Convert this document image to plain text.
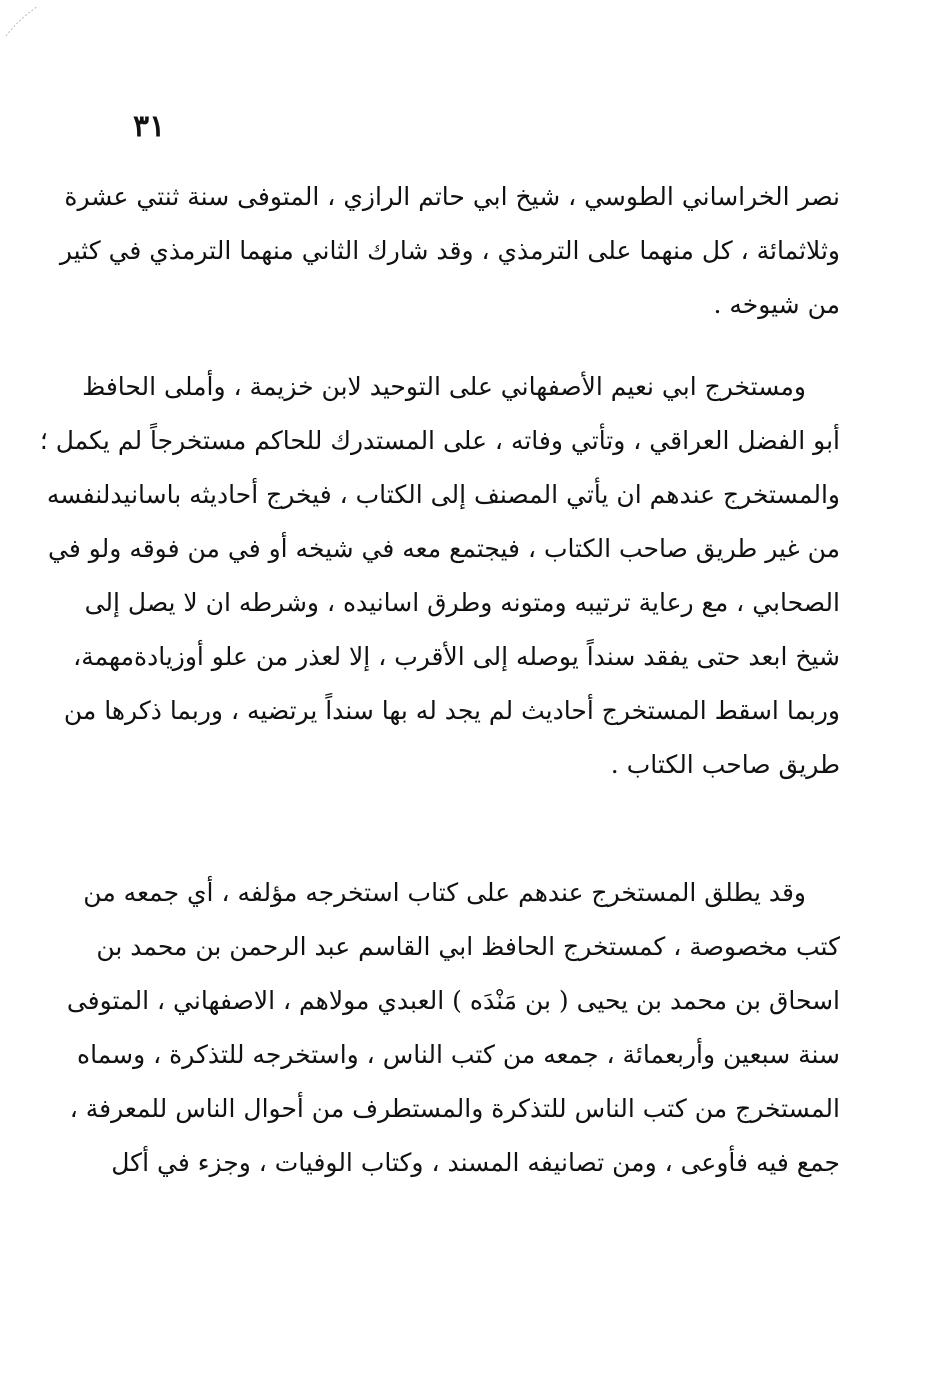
٣١
نصر الخراساني الطوسي ، شيخ ابي حاتم الرازي ، المتوفى سنة ثنتي عشرة
وثلاثمائة ، كل منهما على الترمذي ، وقد شارك الثاني منهما الترمذي في كثير
من شيوخه .
ومستخرج ابي نعيم الأصفهاني على التوحيد لابن خزيمة ، وأملى الحافظ
أبو الفضل العراقي ، وتأتي وفاته ، على المستدرك للحاكم مستخرجاً لم يكمل ؛
والمستخرج عندهم ان يأتي المصنف إلى الكتاب ، فيخرج أحاديثه باسانيدلنفسه
من غير طريق صاحب الكتاب ، فيجتمع معه في شيخه أو في من فوقه ولو في
الصحابي ، مع رعاية ترتيبه ومتونه وطرق اسانيده ، وشرطه ان لا يصل إلى
شيخ ابعد حتى يفقد سنداً يوصله إلى الأقرب ، إلا لعذر من علو أوزيادةمهمة،
وربما اسقط المستخرج أحاديث لم يجد له بها سنداً يرتضيه ، وربما ذكرها من
طريق صاحب الكتاب .
وقد يطلق المستخرج عندهم على كتاب استخرجه مؤلفه ، أي جمعه من
كتب مخصوصة ، كمستخرج الحافظ ابي القاسم عبد الرحمن بن محمد بن
اسحاق بن محمد بن يحيى ( بن مَنْدَه ) العبدي مولاهم ، الاصفهاني ، المتوفى
سنة سبعين وأربعمائة ، جمعه من كتب الناس ، واستخرجه للتذكرة ، وسماه
المستخرج من كتب الناس للتذكرة والمستطرف من أحوال الناس للمعرفة ،
جمع فيه فأوعى ، ومن تصانيفه المسند ، وكتاب الوفيات ، وجزء في أكل
